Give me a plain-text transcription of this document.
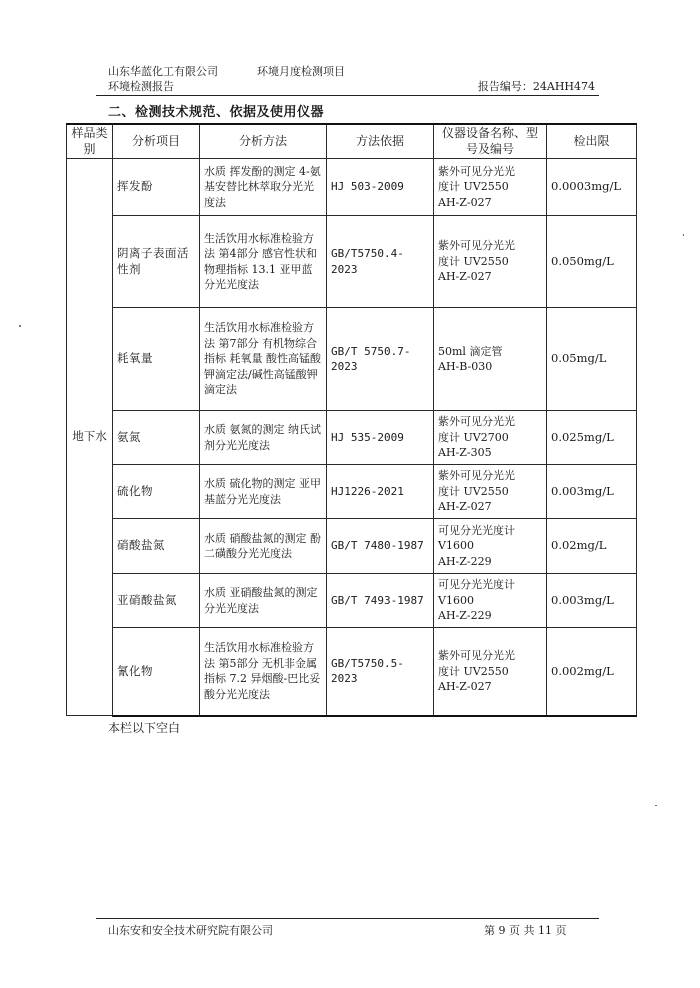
山东华蓝化工有限公司	环境月度检测项目
环境检测报告	报告编号：24AHH474
二、检测技术规范、依据及使用仪器
样品类别	分析项目	分析方法	方法依据	仪器设备名称、型号及编号	检出限
地下水	挥发酚	水质 挥发酚的测定 4-氨基安替比林萃取分光光度法	HJ 503-2009	紫外可见分光光
度计 UV2550
AH-Z-027	0.0003mg/L
	阴离子表面活性剂	生活饮用水标准检验方法 第4部分 感官性状和物理指标 13.1 亚甲蓝分光光度法	GB/T5750.4-2023	紫外可见分光光
度计 UV2550
AH-Z-027	0.050mg/L
	耗氧量	生活饮用水标准检验方法 第7部分 有机物综合指标 耗氧量 酸性高锰酸钾滴定法/碱性高锰酸钾滴定法	GB/T 5750.7-2023	50ml 滴定管
AH-B-030	0.05mg/L
	氨氮	水质 氨氮的测定 纳氏试剂分光光度法	HJ 535-2009	紫外可见分光光
度计 UV2700
AH-Z-305	0.025mg/L
	硫化物	水质 硫化物的测定 亚甲基蓝分光光度法	HJ1226-2021	紫外可见分光光
度计 UV2550
AH-Z-027	0.003mg/L
	硝酸盐氮	水质 硝酸盐氮的测定 酚二磺酸分光光度法	GB/T 7480-1987	可见分光光度计
V1600
AH-Z-229	0.02mg/L
	亚硝酸盐氮	水质 亚硝酸盐氮的测定 分光光度法	GB/T 7493-1987	可见分光光度计
V1600
AH-Z-229	0.003mg/L
	氰化物	生活饮用水标准检验方法 第5部分 无机非金属指标 7.2 异烟酸-巴比妥酸分光光度法	GB/T5750.5-2023	紫外可见分光光
度计 UV2550
AH-Z-027	0.002mg/L
本栏以下空白
山东安和安全技术研究院有限公司	第 9 页 共 11 页
